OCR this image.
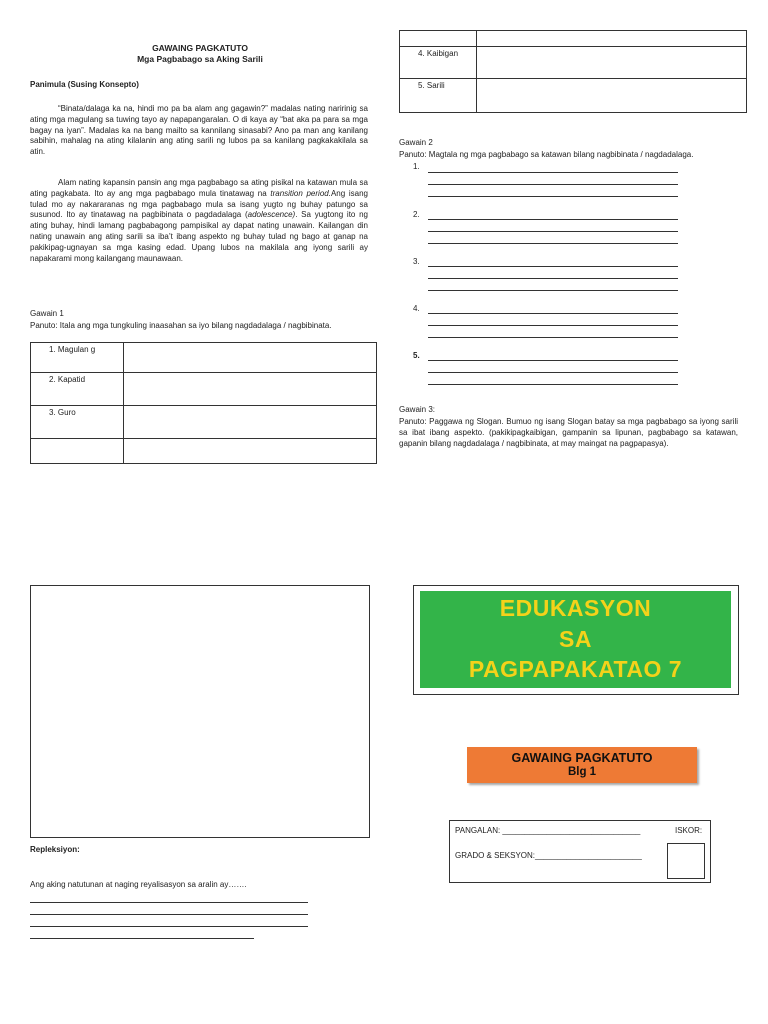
GAWAING PAGKATUTO
Mga Pagbabago sa Aking Sarili
Panimula (Susing Konsepto)
“Binata/dalaga ka na, hindi mo pa ba alam ang gagawin?” madalas nating naririnig sa ating mga magulang sa tuwing tayo ay napapangaralan. O di kaya ay “bat aka pa para sa mga bagay na iyan”. Madalas ka na bang mailto sa kannilang sinasabi? Ano pa man ang kanilang sabihin, mahalag na ating kilalanin ang ating sarili ng lubos pa sa kanilang pagkakakilala sa atin.
Alam nating kapansin pansin ang mga pagbabago sa ating pisikal na katawan mula sa ating pagkabata. Ito ay ang mga pagbabago mula tinatawag na transition period.Ang isang tulad mo ay nakararanas ng mga pagbabago mula sa isang yugto ng buhay patungo sa susunod. Ito ay tinatawag na pagbibinata o pagdadalaga (adolescence). Sa yugtong ito ng ating buhay, hindi lamang pagbabagong pampisikal ay dapat nating unawain. Kailangan din nating unawain ang ating sarili sa iba’t ibang aspekto ng buhay tulad ng bago at ganap na pakikipag-ugnayan sa mga kasing edad. Upang lubos na makilala ang iyong sarili ay napakarami mong kailangang maunawaan.
Gawain 1
Panuto: Itala ang mga tungkuling inaasahan sa iyo bilang nagdadalaga / nagbibinata.
1. Magulan g	
2. Kapatid	
3. Guro	

4. Kaibigan	
5. Sarili	
Gawain 2
Panuto: Magtala ng mga pagbabago sa katawan bilang nagbibinata / nagdadalaga.
1.
2.
3.
4.
5.
Gawain 3:
Panuto: Paggawa ng Slogan. Bumuo ng isang Slogan batay sa mga pagbabago sa iyong sarili sa ibat ibang aspekto. (pakikipagkaibigan, gampanin sa lipunan, pagbabago sa katawan, gapanin bilang nagdadalaga / nagbibinata, at may maingat na pagpapasya).
Repleksiyon:
Ang aking natutunan at naging reyalisasyon sa aralin ay…….
EDUKASYON
SA
PAGPAPAKATAO 7
GAWAING PAGKATUTO
Blg 1
PANGALAN: _______________________________	ISKOR:
GRADO & SEKSYON:________________________
